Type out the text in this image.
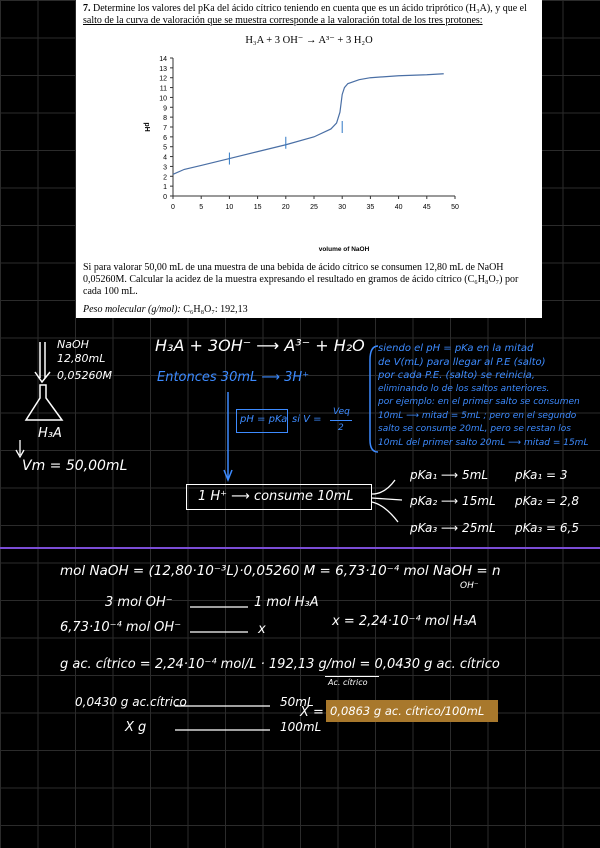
7. Determine los valores del pKa del ácido cítrico teniendo en cuenta que es un ácido triprótico (H₃A), y que el salto de la curva de valoración que se muestra corresponde a la valoración total de los tres protones:
H₃A + 3 OH⁻ → A³⁻ + 3 H₂O
0
1
2
3
4
5
6
7
8
9
10
11
12
13
14
0	5	10	15	20	25	30	35	40	45	50
volume of NaOH
pH
Si para valorar 50,00 mL de una muestra de una bebida de ácido cítrico se consumen 12,80 mL de NaOH 0,05260M. Calcular la acidez de la muestra expresando el resultado en gramos de ácido cítrico (C₆H₈O₇) por cada 100 mL.
Peso molecular (g/mol): C₆H₈O₇: 192,13
NaOH
12,80mL
0,05260M
H₃A
Vm = 50,00mL
H₃A + 3OH⁻ ⟶ A³⁻ + H₂O
Entonces 30mL ⟶ 3H⁺
siendo el pH = pKa en la mitad
de V(mL) para llegar al P.E (salto)
por cada P.E. (salto) se reinicia,
eliminando lo de los saltos anteriores.
por ejemplo: en el primer salto se consumen
10mL ⟶ mitad = 5mL ; pero en el segundo
salto se consume 20mL, pero se restan los
10mL del primer salto 20mL ⟶ mitad = 15mL
pH = pKa si V =
Veq
2
1 H⁺ ⟶ consume 10mL
pKa₁ ⟶ 5mL pKa₁ = 3
pKa₂ ⟶ 15mL pKa₂ = 2,8
pKa₃ ⟶ 25mL pKa₃ = 6,5
mol NaOH = (12,80·10⁻³L)·0,05260 M = 6,73·10⁻⁴ mol NaOH = n
OH⁻
3 mol OH⁻	1 mol H₃A
6,73·10⁻⁴ mol OH⁻	x
x = 2,24·10⁻⁴ mol H₃A
g ac. cítrico = 2,24·10⁻⁴ mol/L · 192,13 g/mol = 0,0430 g ac. cítrico
Ac. cítrico
0,0430 g ac.cítrico	50mL
X g	100mL
X = 0,0863 g ac. cítrico/100mL
